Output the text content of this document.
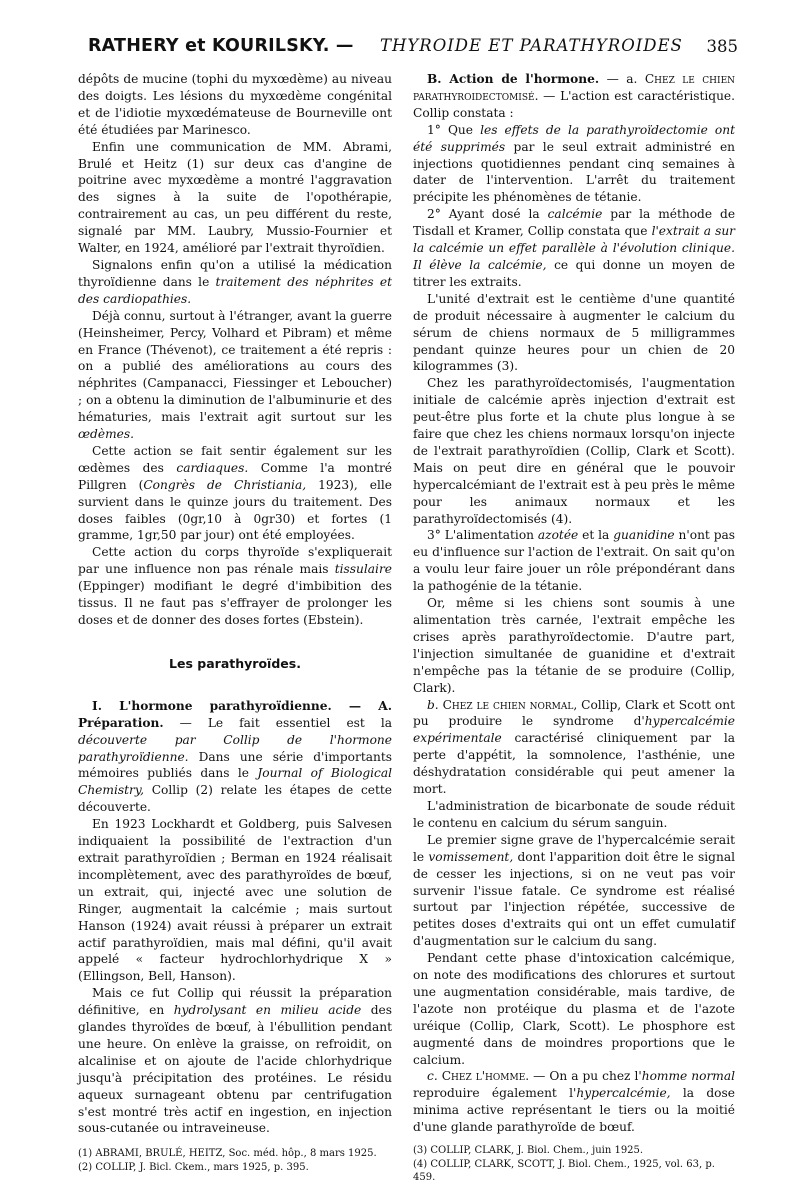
RATHERY et KOURILSKY. — THYROIDE ET PARATHYROIDES 385

dépôts de mucine (tophi du myxœdème) au niveau des doigts. Les lésions du myxœdème congénital et de l'idiotie myxœdémateuse de Bourneville ont été étudiées par Marinesco.

Enfin une communication de MM. Abrami, Brulé et Heitz (1) sur deux cas d'angine de poitrine avec myxœdème a montré l'aggravation des signes à la suite de l'opothérapie, contrairement au cas, un peu différent du reste, signalé par MM. Laubry, Mussio-Fournier et Walter, en 1924, amélioré par l'extrait thyroïdien.

Signalons enfin qu'on a utilisé la médication thyroïdienne dans le traitement des néphrites et des cardiopathies.

Déjà connu, surtout à l'étranger, avant la guerre (Heinsheimer, Percy, Volhard et Pibram) et même en France (Thévenot), ce traitement a été repris : on a publié des améliorations au cours des néphrites (Campanacci, Fiessinger et Leboucher) ; on a obtenu la diminution de l'albuminurie et des hématuries, mais l'extrait agit surtout sur les œdèmes.

Cette action se fait sentir également sur les œdèmes des cardiaques. Comme l'a montré Pillgren (Congrès de Christiania, 1923), elle survient dans le quinze jours du traitement. Des doses faibles (0gr,10 à 0gr30) et fortes (1 gramme, 1gr,50 par jour) ont été employées.

Cette action du corps thyroïde s'expliquerait par une influence non pas rénale mais tissulaire (Eppinger) modifiant le degré d'imbibition des tissus. Il ne faut pas s'effrayer de prolonger les doses et de donner des doses fortes (Ebstein).

Les parathyroïdes.

I. L'hormone parathyroïdienne. — A. Préparation. — Le fait essentiel est la découverte par Collip de l'hormone parathyroïdienne. Dans une série d'importants mémoires publiés dans le Journal of Biological Chemistry, Collip (2) relate les étapes de cette découverte.

En 1923 Lockhardt et Goldberg, puis Salvesen indiquaient la possibilité de l'extraction d'un extrait parathyroïdien ; Berman en 1924 réalisait incomplètement, avec des parathyroïdes de bœuf, un extrait, qui, injecté avec une solution de Ringer, augmentait la calcémie ; mais surtout Hanson (1924) avait réussi à préparer un extrait actif parathyroïdien, mais mal défini, qu'il avait appelé « facteur hydrochlorhydrique X » (Ellingson, Bell, Hanson).

Mais ce fut Collip qui réussit la préparation définitive, en hydrolysant en milieu acide des glandes thyroïdes de bœuf, à l'ébullition pendant une heure. On enlève la graisse, on refroidit, on alcalinise et on ajoute de l'acide chlorhydrique jusqu'à précipitation des protéines. Le résidu aqueux surnageant obtenu par centrifugation s'est montré très actif en ingestion, en injection sous-cutanée ou intraveineuse.

(1) ABRAMI, BRULÉ, HEITZ, Soc. méd. hôp., 8 mars 1925.
(2) COLLIP, J. Bicl. Ckem., mars 1925, p. 395.

B. Action de l'hormone. — a. Chez le chien parathyroidectomisé. — L'action est caractéristique. Collip constata :

1° Que les effets de la parathyroïdectomie ont été supprimés par le seul extrait administré en injections quotidiennes pendant cinq semaines à dater de l'intervention. L'arrêt du traitement précipite les phénomènes de tétanie.

2° Ayant dosé la calcémie par la méthode de Tisdall et Kramer, Collip constata que l'extrait a sur la calcémie un effet parallèle à l'évolution clinique. Il élève la calcémie, ce qui donne un moyen de titrer les extraits.

L'unité d'extrait est le centième d'une quantité de produit nécessaire à augmenter le calcium du sérum de chiens normaux de 5 milligrammes pendant quinze heures pour un chien de 20 kilogrammes (3).

Chez les parathyroïdectomisés, l'augmentation initiale de calcémie après injection d'extrait est peut-être plus forte et la chute plus longue à se faire que chez les chiens normaux lorsqu'on injecte de l'extrait parathyroïdien (Collip, Clark et Scott). Mais on peut dire en général que le pouvoir hypercalcémiant de l'extrait est à peu près le même pour les animaux normaux et les parathyroïdectomisés (4).

3° L'alimentation azotée et la guanidine n'ont pas eu d'influence sur l'action de l'extrait. On sait qu'on a voulu leur faire jouer un rôle prépondérant dans la pathogénie de la tétanie.

Or, même si les chiens sont soumis à une alimentation très carnée, l'extrait empêche les crises après parathyroïdectomie. D'autre part, l'injection simultanée de guanidine et d'extrait n'empêche pas la tétanie de se produire (Collip, Clark).

b. Chez le chien normal, Collip, Clark et Scott ont pu produire le syndrome d'hypercalcémie expérimentale caractérisé cliniquement par la perte d'appétit, la somnolence, l'asthénie, une déshydratation considérable qui peut amener la mort.

L'administration de bicarbonate de soude réduit le contenu en calcium du sérum sanguin.

Le premier signe grave de l'hypercalcémie serait le vomissement, dont l'apparition doit être le signal de cesser les injections, si on ne veut pas voir survenir l'issue fatale. Ce syndrome est réalisé surtout par l'injection répétée, successive de petites doses d'extraits qui ont un effet cumulatif d'augmentation sur le calcium du sang.

Pendant cette phase d'intoxication calcémique, on note des modifications des chlorures et surtout une augmentation considérable, mais tardive, de l'azote non protéique du plasma et de l'azote uréique (Collip, Clark, Scott). Le phosphore est augmenté dans de moindres proportions que le calcium.

c. Chez l'homme. — On a pu chez l'homme normal reproduire également l'hypercalcémie, la dose minima active représentant le tiers ou la moitié d'une glande parathyroïde de bœuf.

(3) COLLIP, CLARK, J. Biol. Chem., juin 1925.
(4) COLLIP, CLARK, SCOTT, J. Biol. Chem., 1925, vol. 63, p. 459.
